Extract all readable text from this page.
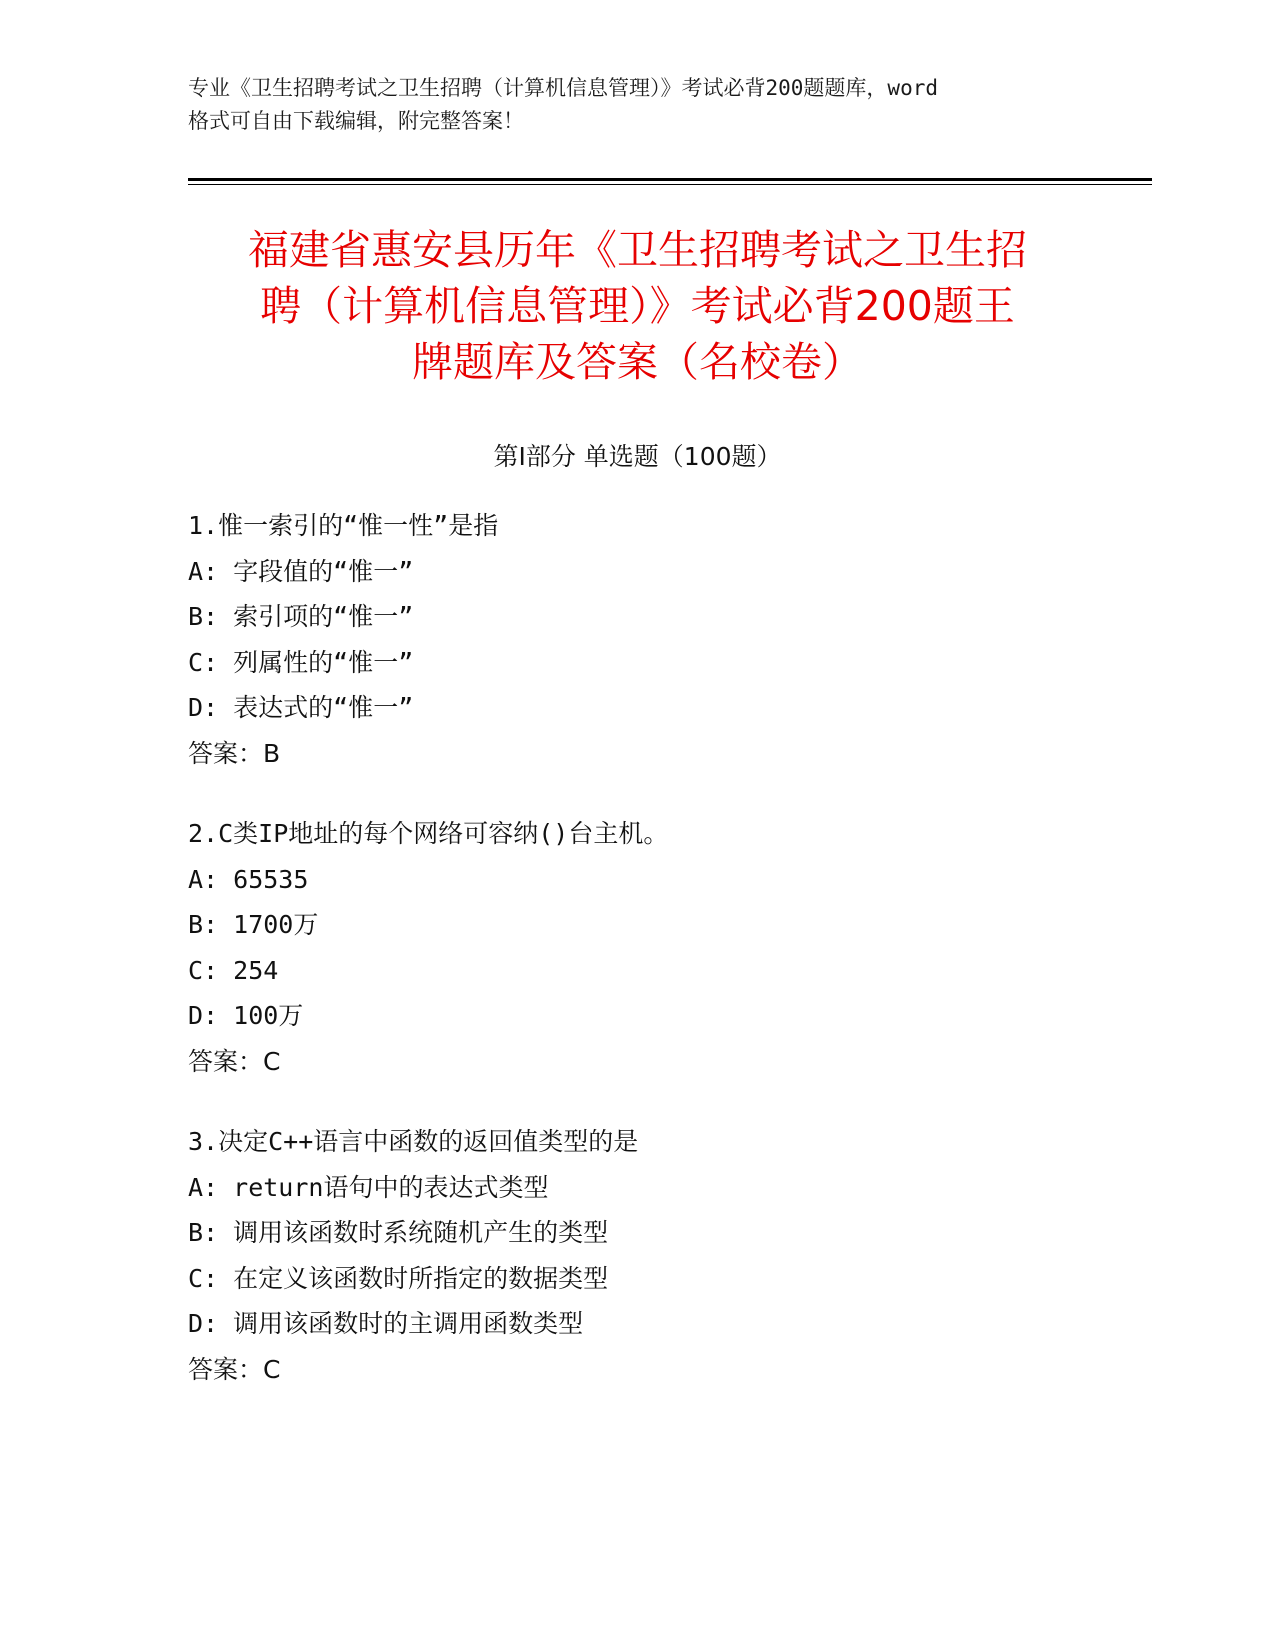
专业《卫生招聘考试之卫生招聘（计算机信息管理）》考试必背200题题库，word
格式可自由下载编辑，附完整答案！
福建省惠安县历年《卫生招聘考试之卫生招
聘（计算机信息管理）》考试必背200题王
牌题库及答案（名校卷）
第Ⅰ部分 单选题（100题）
1.惟一索引的“惟一性”是指
A: 字段值的“惟一”
B: 索引项的“惟一”
C: 列属性的“惟一”
D: 表达式的“惟一”
答案：B
2.C类IP地址的每个网络可容纳()台主机。
A: 65535
B: 1700万
C: 254
D: 100万
答案：C
3.决定C++语言中函数的返回值类型的是
A: return语句中的表达式类型
B: 调用该函数时系统随机产生的类型
C: 在定义该函数时所指定的数据类型
D: 调用该函数时的主调用函数类型
答案：C
